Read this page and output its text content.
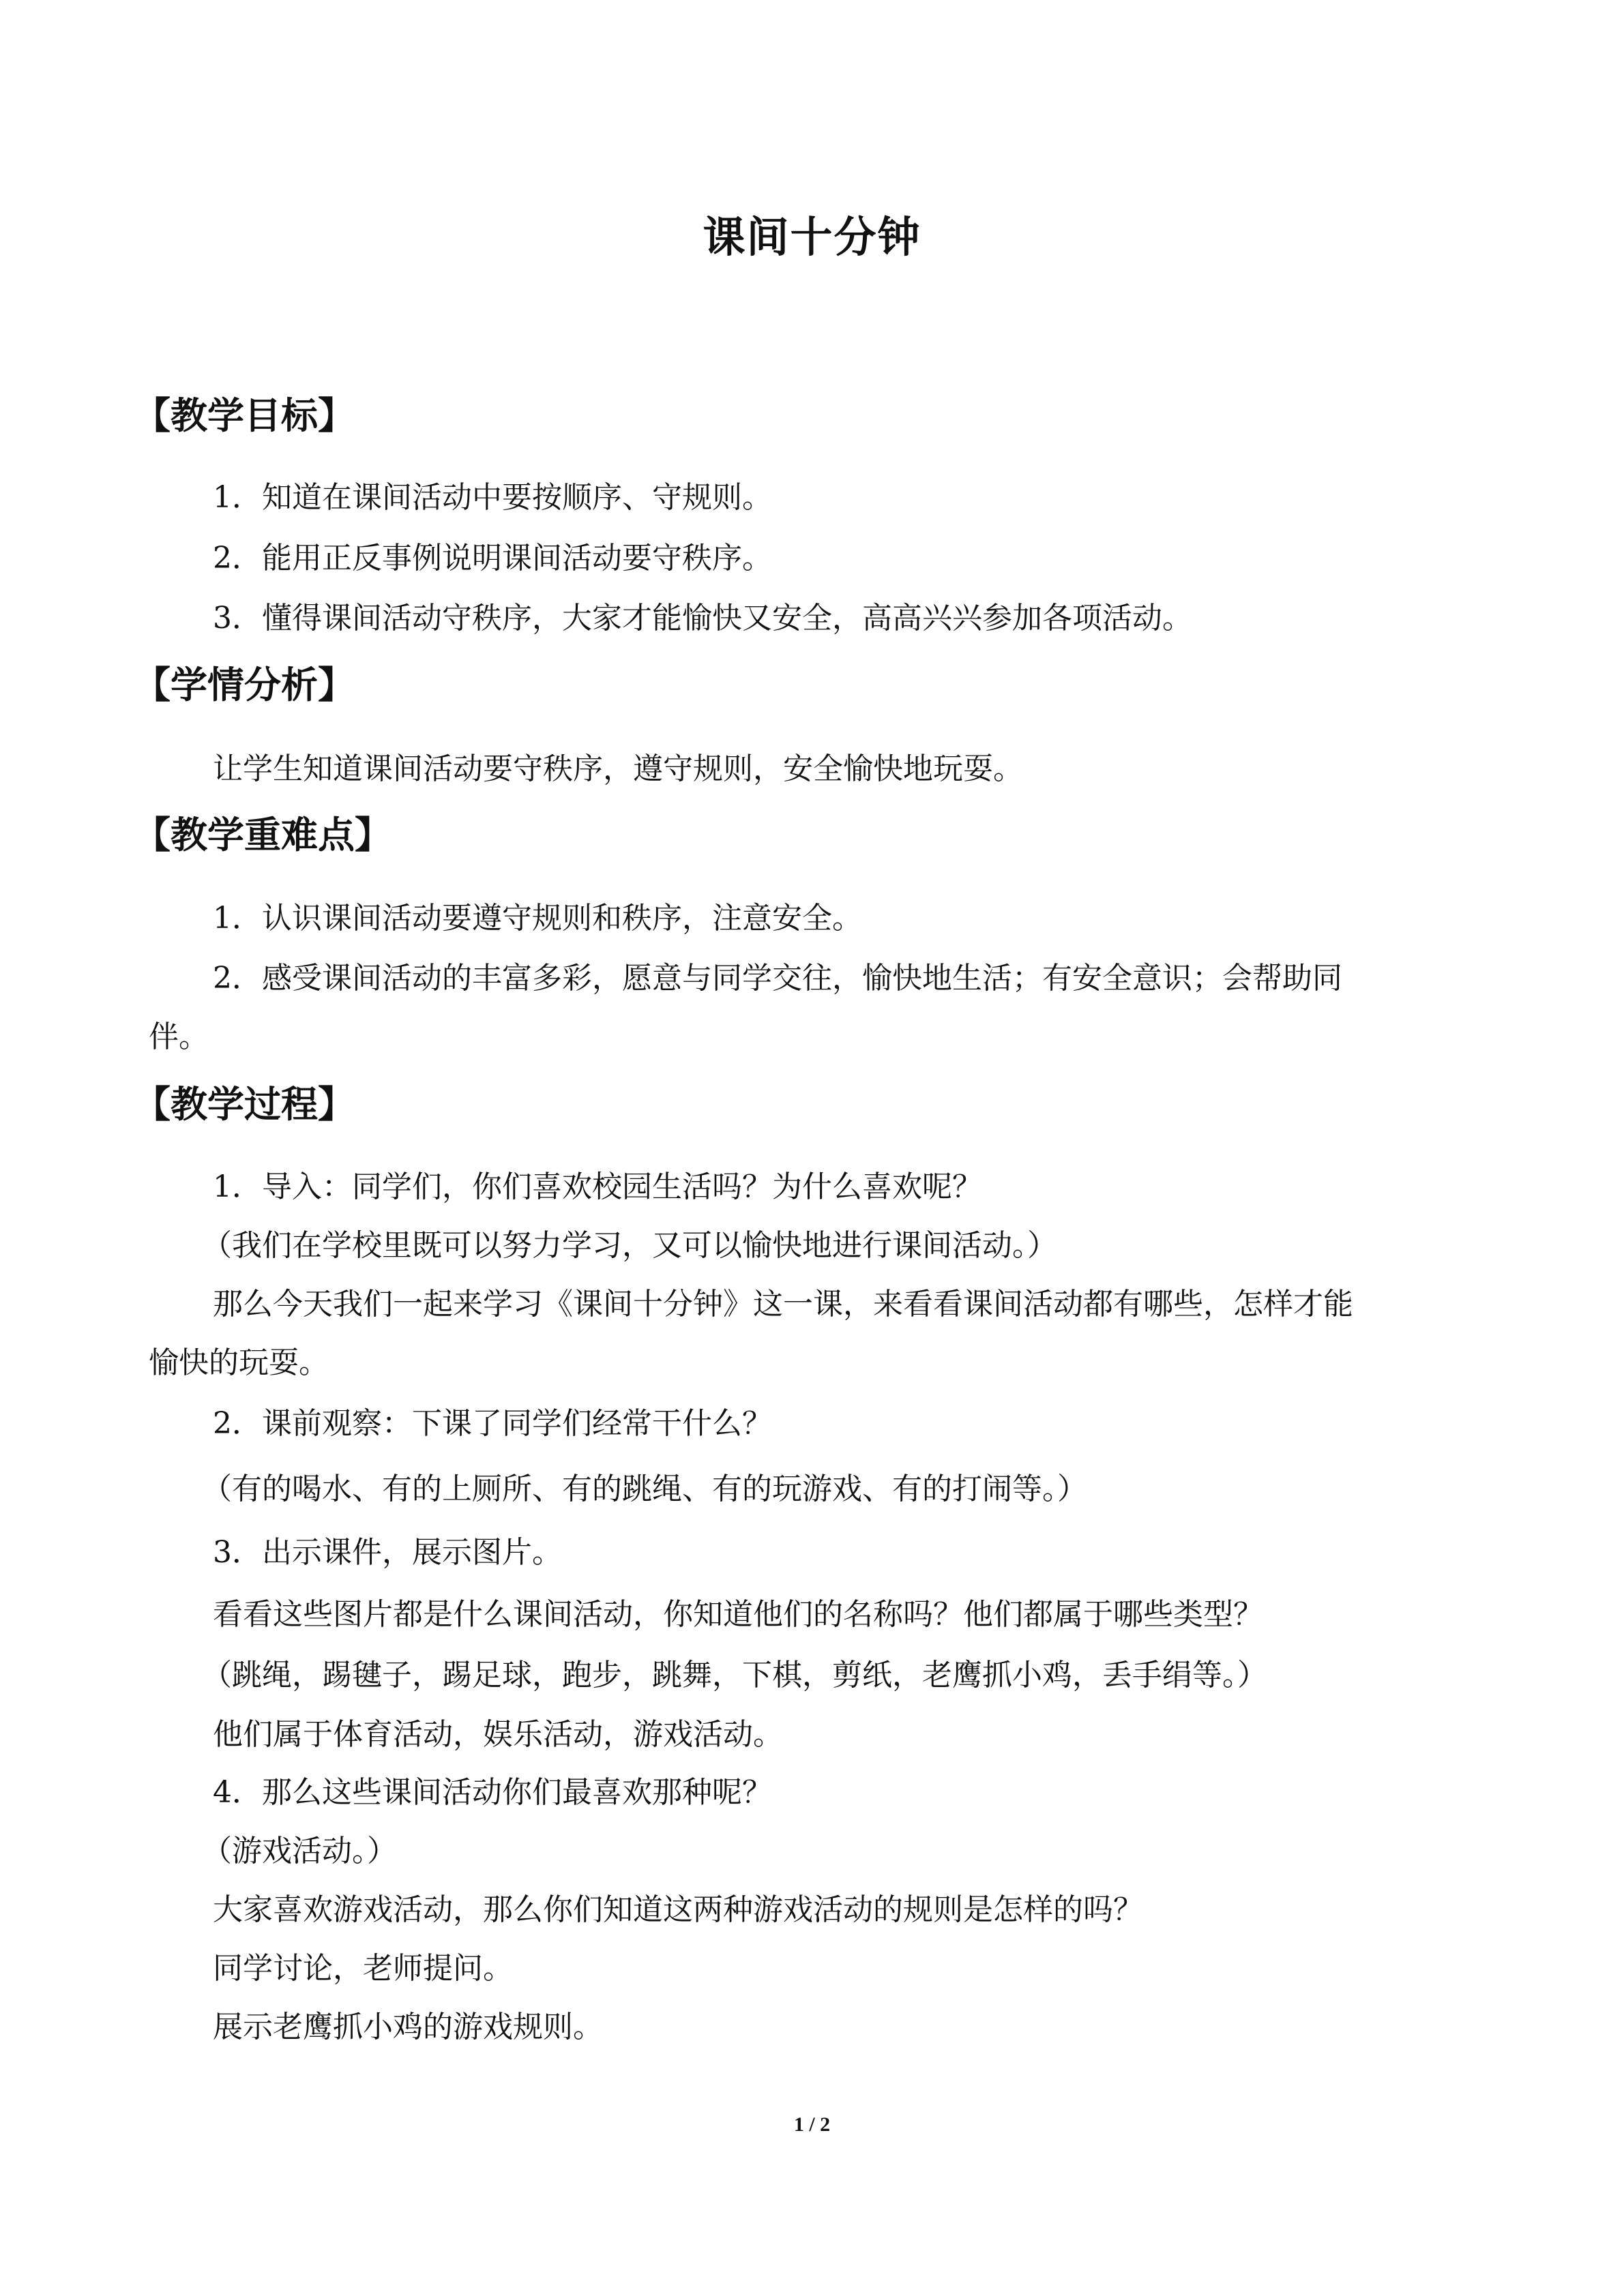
课间十分钟
【教学目标】
1．知道在课间活动中要按顺序、守规则。
2．能用正反事例说明课间活动要守秩序。
3．懂得课间活动守秩序，大家才能愉快又安全，高高兴兴参加各项活动。
【学情分析】
让学生知道课间活动要守秩序，遵守规则，安全愉快地玩耍。
【教学重难点】
1．认识课间活动要遵守规则和秩序，注意安全。
2．感受课间活动的丰富多彩，愿意与同学交往，愉快地生活；有安全意识；会帮助同
伴。
【教学过程】
1．导入：同学们，你们喜欢校园生活吗？为什么喜欢呢？
（我们在学校里既可以努力学习，又可以愉快地进行课间活动。）
那么今天我们一起来学习《课间十分钟》这一课，来看看课间活动都有哪些，怎样才能
愉快的玩耍。
2．课前观察：下课了同学们经常干什么？
（有的喝水、有的上厕所、有的跳绳、有的玩游戏、有的打闹等。）
3．出示课件，展示图片。
看看这些图片都是什么课间活动，你知道他们的名称吗？他们都属于哪些类型？
（跳绳，踢毽子，踢足球，跑步，跳舞，下棋，剪纸，老鹰抓小鸡，丢手绢等。）
他们属于体育活动，娱乐活动，游戏活动。
4．那么这些课间活动你们最喜欢那种呢？
（游戏活动。）
大家喜欢游戏活动，那么你们知道这两种游戏活动的规则是怎样的吗？
同学讨论，老师提问。
展示老鹰抓小鸡的游戏规则。
1 / 2
